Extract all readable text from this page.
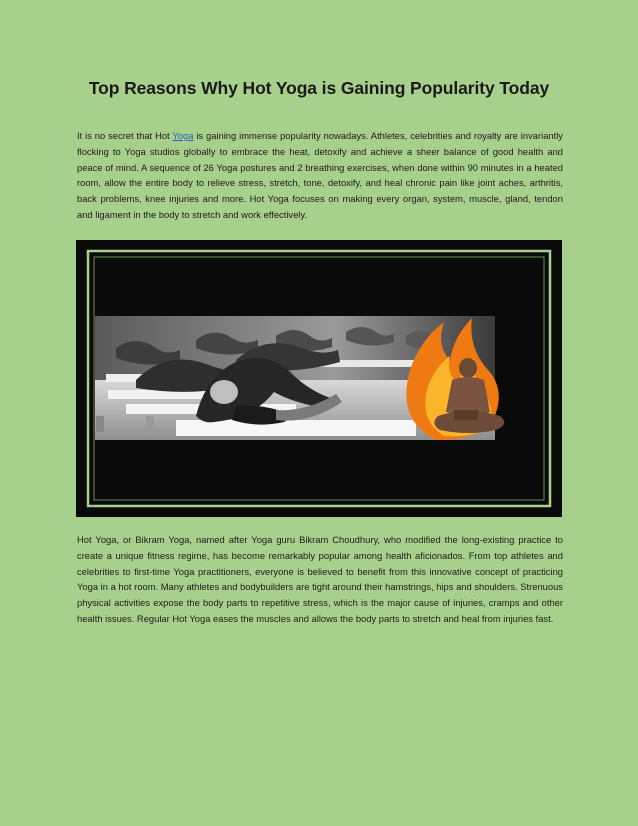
Top Reasons Why Hot Yoga is Gaining Popularity Today

It is no secret that Hot Yoga is gaining immense popularity nowadays. Athletes, celebrities and royalty are invariantly flocking to Yoga studios globally to embrace the heat, detoxify and achieve a sheer balance of good health and peace of mind. A sequence of 26 Yoga postures and 2 breathing exercises, when done within 90 minutes in a heated room, allow the entire body to relieve stress, stretch, tone, detoxify, and heal chronic pain like joint aches, arthritis, back problems, knee injuries and more. Hot Yoga focuses on making every organ, system, muscle, gland, tendon and ligament in the body to stretch and work effectively.

Hot Yoga, or Bikram Yoga, named after Yoga guru Bikram Choudhury, who modified the long-existing practice to create a unique fitness regime, has become remarkably popular among health aficionados. From top athletes and celebrities to first-time Yoga practitioners, everyone is believed to benefit from this innovative concept of practicing Yoga in a hot room. Many athletes and bodybuilders are tight around their hamstrings, hips and shoulders. Strenuous physical activities expose the body parts to repetitive stress, which is the major cause of injuries, cramps and other health issues. Regular Hot Yoga eases the muscles and allows the body parts to stretch and heal from injuries fast.
